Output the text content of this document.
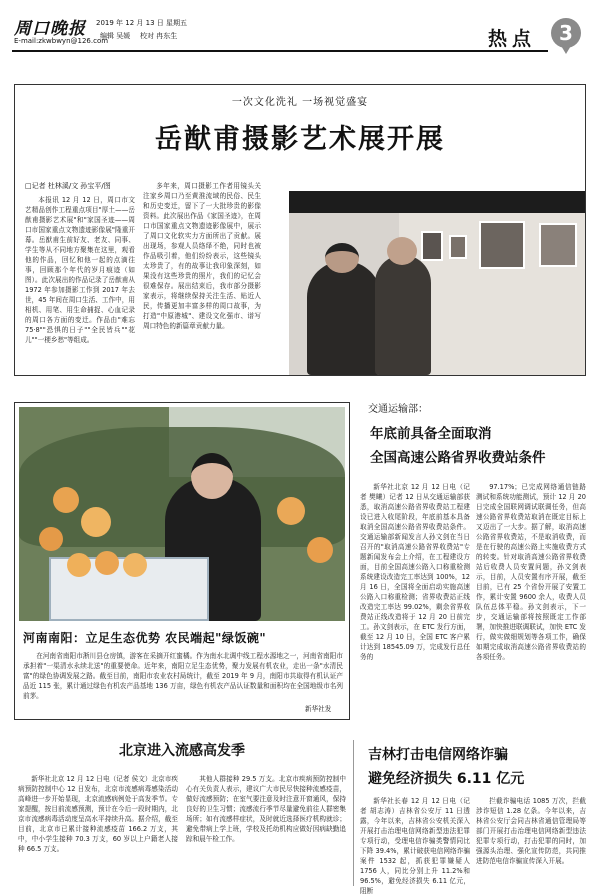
周口晚报
E-mail:zkwbwyn@126.com
2019 年 12 月 13 日 星期五
编辑 吴媛 校对 冉东生	热点	3
一次文化洗礼 一场视觉盛宴
岳猷甫摄影艺术展开展
□记者 杜林溪/文 孙宝平/图

本报讯 12 月 12 日，周口市文艺精品创作工程重点项目"厚土——岳猷甫摄影艺术展"和"家国圣迹——周口市国家重点文物遗迹影像展"隆重开幕。岳猷甫生前好友、老友、同事、学生等从不同地方聚集在这里，观看他的作品，回忆和他一起的点滴往事，回顾那个年代的岁月痕迹（如图）。此次展出的作品记录了岳猷甫从 1972 年参加摄影工作到 2017 年去世，45 年间在周口生活、工作中，用相机、用笔、用生命捕捉、心血记录的周口各方面的变迁。作品由"难忘 75·8""恐惧的日子""全民皆兵""花儿""一梗乡愁"等组成。

多年来，周口摄影工作者用镜头关注家乡周口乃至黄淮流域的民俗、民生和历史变迁，留下了一大批珍贵的影像资料。此次展出作品《家国圣迹》，在周口市国家重点文物遗迹影像展中，展示了周口文化软实力方面所出了贡献。展出现场，参观人员络绎不绝，同时也被作品吸引着，他们纷纷表示，这些镜头太珍贵了，有的故事让我印象深刻，如果没有这些珍贵的照片，我们的记忆会很难保存。展出结束后，我市部分摄影家表示，将继续保持关注生活、贴近人民，传播更加丰富多样的周口故事，为打造"中原港城"、建设文化强市、谱写周口特色的新篇章贡献力量。

河南南阳：立足生态优势 农民端起"绿饭碗"

在河南省南阳市淅川县仓房镇，游客在采摘开红蜜橘。作为南水北调中线工程水源地之一，河南省南阳市承担着"一渠清水永续北送"的重要使命。近年来，南阳立足生态优势，聚力发展有机农业，走出一条"水清民富"的绿色协调发展之路。截至目前，南阳市农业农村局统计，截至 2019 年 9 月，南阳市共取得有机认证产品近 115 张，累计通过绿色有机农产品基地 136 万亩，绿色有机农产品认证数量和面积均在全国地级市名列前茅。

新华社发
交通运输部：
年底前具备全面取消
全国高速公路省界收费站条件

新华社北京 12 月 12 日电（记者 樊曦）记者 12 日从交通运输部获悉，取消高速公路省界收费站工程建设已进入收尾阶段，年底前基本具备取消全国高速公路省界收费站条件。交通运输部新闻发言人孙文剑在当日召开的"取消高速公路省界收费站"专题新闻发布会上介绍，在工程建设方面，目前全国高速公路入口称重检测系统建设改造完工率达到 100%，12 月 16 日，全国将全面启动实施高速公路入口称重检测；省界收费站正线改造完工率达 99.02%，剩余省界收费站正线改造将于 12 月 20 日前完工。孙文剑表示，在 ETC 发行方面，截至 12 月 10 日，全国 ETC 客户累计达到 18545.09 万，完成发行总任务的

97.17%；已完成网络通信链路测试和系统功能测试，预计 12 月 20 日完成全国联网调试联调任务，但高速公路省界收费站取消在既定目标上又迈出了一大步。据了解，取消高速公路省界收费站，不是取消收费，而是在行驶的高速公路上实施收费方式的转变。针对取消高速公路省界收费站后收费人员安置问题，孙文剑表示，目前，人员安置有序开展，截至目前，已有 25 个省份开展了安置工作，累计安置 9600 余人，收费人员队伍总体平稳。孙文剑表示，下一步，交通运输部将按照既定工作部署，加快推进联调联试，加快 ETC 发行，做实做细规划等各项工作，确保如期完成取消高速公路省界收费站的各项任务。

北京进入流感高发季

新华社北京 12 月 12 日电（记者 侯文）北京市疾病预防控制中心 12 日发布，北京市流感病毒感染活动高峰进一步开始显现，北京流感病例处于高发季节。专家提醒，按目前流感预测，预计在今后一段时期内，北京市流感病毒活动度呈高水平持续升高。据介绍，截至目前，北京市已累计接种流感疫苗 166.2 万支，其中，中小学生接种 70.3 万支，60 岁以上户籍老人接种 66.5 万支。

其他人群接种 29.5 万支。北京市疾病预防控制中心有关负责人表示，建议广大市民尽快接种流感疫苗，做好流感预防；在室气要注意及时注意开窗通风，保持良好的卫生习惯；流感流行季节尽量避免前往人群密集场所；如有流感样症状，及时就近选择医疗机构就诊；避免带病上学上班，学校及托幼机构应做好因病缺勤追踪和晨午检工作。

吉林打击电信网络诈骗
避免经济损失 6.11 亿元

新华社长春 12 月 12 日电（记者 胡志涛）吉林省公安厅 11 日透露，今年以来，吉林省公安机关深入开展打击治理电信网络新型违法犯罪专项行动，受理电信诈骗类警情同比下降 39.4%，累计破获电信网络诈骗案件 1532 起，抓获犯罪嫌疑人 1756 人，同比分别上升 11.2%和 96.5%，避免经济损失 6.11 亿元，阻断

拦截诈骗电话 1085 万次，拦截涉诈短信 1.28 亿条。今年以来，吉林省公安厅会同吉林省通信管理局等部门开展打击治理电信网络新型违法犯罪专项行动，打击犯罪的同时，加强源头治理、强化宣传防范，共同推进防范电信诈骗宣传深入开展。
